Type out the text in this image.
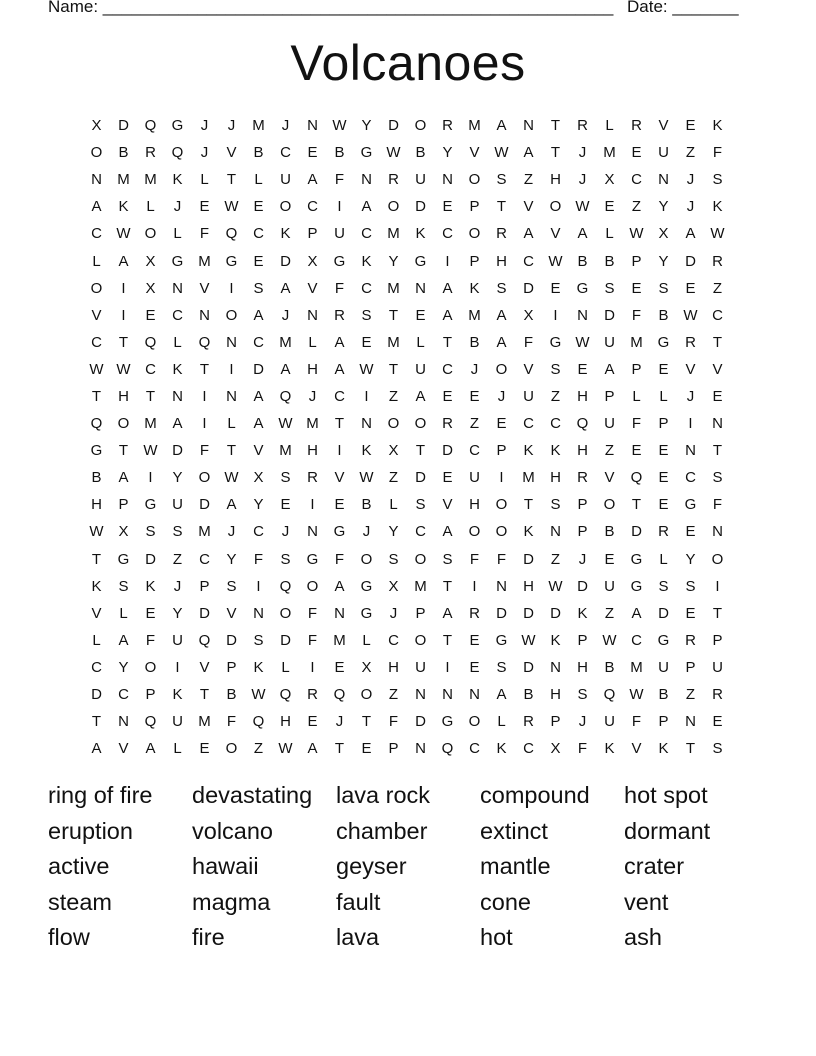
Name: ______________________________________________________ Date: _______
Volcanoes
X	D	Q	G	J	J	M	J	N W Y	D	O	R	M	A	N	T	R	L	R	V	E	K
O	B	R	Q	J	V	B	C	E	B	G W B	Y	V W A	T	J	M	E	U	Z	F
N	M M	K	L	T	L	U	A	F	N	R	U	N	O	S	Z	H	J	X	C	N	J	S
A	K	L	J	E W E	O	C	I	A	O	D	E	P	T	V	O W E	Z	Y	J	K
C W O	L	F	Q	C	K	P	U	C	M	K	C	O	R	A	V	A	L	W X	A W
L	A	X	G M G	E	D	X	G	K	Y	G	I	P	H	C W B	B	P	Y	D	R
O	I	X	N	V	I	S	A	V	F	C	M	N	A	K	S	D	E	G	S	E	S	E	Z
V	I	E	C	N	O	A	J	N	R	S	T	E	A	M	A	X	I	N	D	F	B W C
C	T	Q	L	Q	N	C	M	L	A	E	M	L	T	B	A	F	G W U	M G	R	T
W W C	K	T	I	D	A	H	A W	T	U	C	J	O	V	S	E	A	P	E	V	V
T	H	T	N	I	N	A	Q	J	C	I	Z	A	E	E	J	U	Z	H	P	L	L	J	E
Q	O M	A	I	L	A W M	T	N	O	O	R	Z	E	C	C	Q	U	F	P	I	N
G	T	W D	F	T	V	M	H	I	K	X	T	D	C	P	K	K	H	Z	E	E	N	T
B	A	I	Y	O W X	S	R	V W	Z	D	E	U	I	M	H	R	V	Q	E	C	S
H	P	G	U	D	A	Y	E	I	E	B	L	S	V	H	O	T	S	P	O	T	E	G	F
W X	S	S	M	J	C	J	N	G	J	Y	C	A	O	O	K	N	P	B	D	R	E	N
T	G	D	Z	C	Y	F	S	G	F	O	S	O	S	F	F	D	Z	J	E	G	L	Y	O
K	S	K	J	P	S	I	Q	O	A	G	X	M	T	I	N	H W D	U	G	S	S	I
V	L	E	Y	D	V	N	O	F	N	G	J	P	A	R	D	D	D	K	Z	A	D	E	T
L	A	F	U	Q	D	S	D	F	M	L	C	O	T	E	G W K	P W C	G	R	P
C	Y	O	I	V	P	K	L	I	E	X	H	U	I	E	S	D	N	H	B	M	U	P	U
D	C	P	K	T	B W Q	R	Q	O	Z	N	N	N	A	B	H	S	Q W B	Z	R
T	N	Q	U	M	F	Q	H	E	J	T	F	D	G	O	L	R	P	J	U	F	P	N	E
A	V	A	L	E	O	Z	W A	T	E	P	N	Q	C	K	C	X	F	K	V	K	T	S
ring of fire	devastating	lava rock	compound	hot spot
eruption	volcano	chamber	extinct	dormant
active	hawaii	geyser	mantle	crater
steam	magma	fault	cone	vent
flow	fire	lava	hot	ash
